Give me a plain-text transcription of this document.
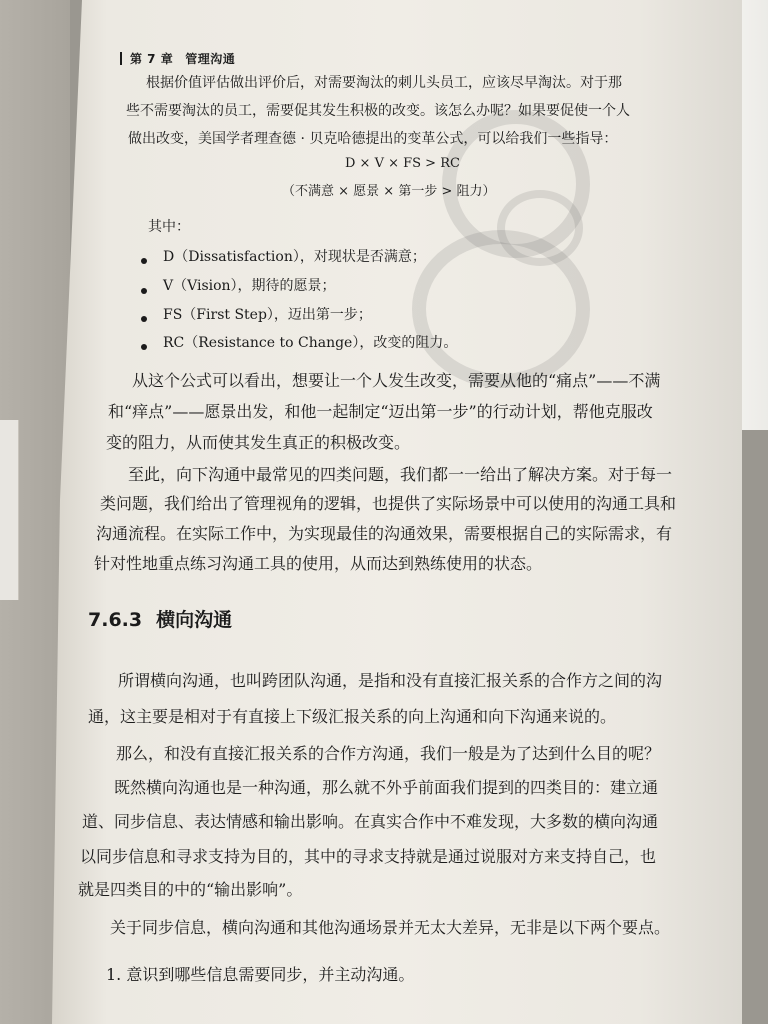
第 7 章 管理沟通
根据价值评估做出评价后，对需要淘汰的刺儿头员工，应该尽早淘汰。对于那
些不需要淘汰的员工，需要促其发生积极的改变。该怎么办呢？如果要促使一个人
做出改变，美国学者理查德 · 贝克哈德提出的变革公式，可以给我们一些指导：
D × V × FS > RC
（不满意 × 愿景 × 第一步 > 阻力）
其中：
D（Dissatisfaction），对现状是否满意；
V（Vision），期待的愿景；
FS（First Step），迈出第一步；
RC（Resistance to Change），改变的阻力。
从这个公式可以看出，想要让一个人发生改变，需要从他的“痛点”——不满
和“痒点”——愿景出发，和他一起制定“迈出第一步”的行动计划，帮他克服改
变的阻力，从而使其发生真正的积极改变。
至此，向下沟通中最常见的四类问题，我们都一一给出了解决方案。对于每一
类问题，我们给出了管理视角的逻辑，也提供了实际场景中可以使用的沟通工具和
沟通流程。在实际工作中，为实现最佳的沟通效果，需要根据自己的实际需求，有
针对性地重点练习沟通工具的使用，从而达到熟练使用的状态。
7.6.3 横向沟通
所谓横向沟通，也叫跨团队沟通，是指和没有直接汇报关系的合作方之间的沟
通，这主要是相对于有直接上下级汇报关系的向上沟通和向下沟通来说的。
那么，和没有直接汇报关系的合作方沟通，我们一般是为了达到什么目的呢？
既然横向沟通也是一种沟通，那么就不外乎前面我们提到的四类目的：建立通
道、同步信息、表达情感和输出影响。在真实合作中不难发现，大多数的横向沟通
以同步信息和寻求支持为目的，其中的寻求支持就是通过说服对方来支持自己，也
就是四类目的中的“输出影响”。
关于同步信息，横向沟通和其他沟通场景并无太大差异，无非是以下两个要点。
1. 意识到哪些信息需要同步，并主动沟通。
